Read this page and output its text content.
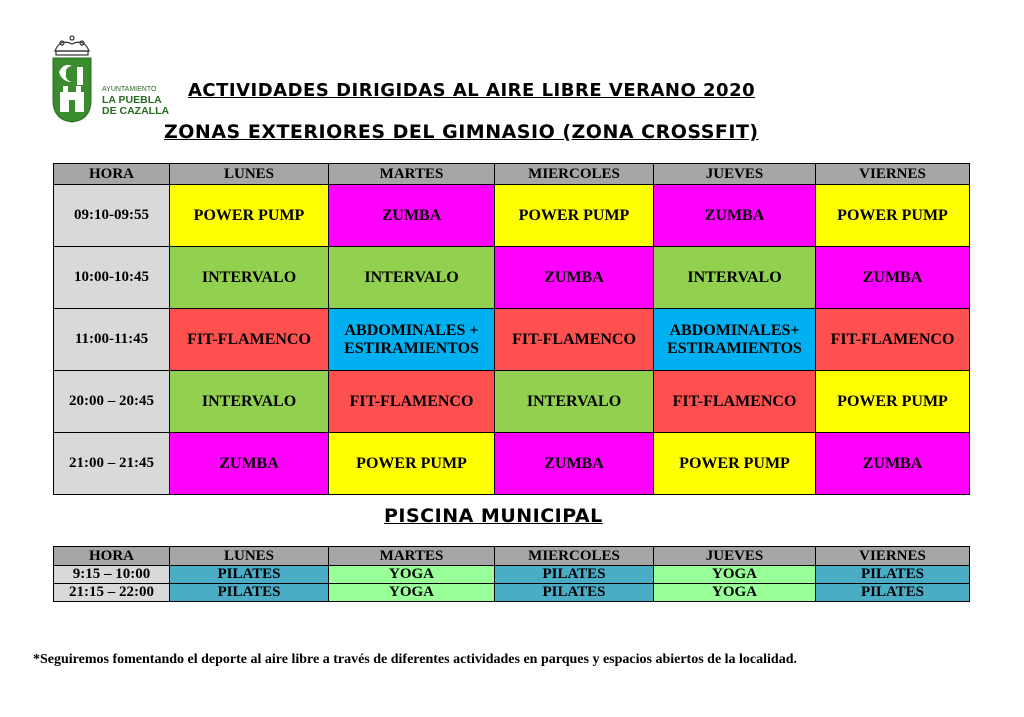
AYUNTAMIENTO
LA PUEBLA
DE CAZALLA
ACTIVIDADES DIRIGIDAS AL AIRE LIBRE VERANO 2020
ZONAS EXTERIORES DEL GIMNASIO (ZONA CROSSFIT)
HORA	LUNES	MARTES	MIERCOLES	JUEVES	VIERNES
09:10-09:55	POWER PUMP	ZUMBA	POWER PUMP	ZUMBA	POWER PUMP
10:00-10:45	INTERVALO	INTERVALO	ZUMBA	INTERVALO	ZUMBA
11:00-11:45	FIT-FLAMENCO	ABDOMINALES + ESTIRAMIENTOS	FIT-FLAMENCO	ABDOMINALES+ ESTIRAMIENTOS	FIT-FLAMENCO
20:00 – 20:45	INTERVALO	FIT-FLAMENCO	INTERVALO	FIT-FLAMENCO	POWER PUMP
21:00 – 21:45	ZUMBA	POWER PUMP	ZUMBA	POWER PUMP	ZUMBA
PISCINA MUNICIPAL
HORA	LUNES	MARTES	MIERCOLES	JUEVES	VIERNES
9:15 – 10:00	PILATES	YOGA	PILATES	YOGA	PILATES
21:15 – 22:00	PILATES	YOGA	PILATES	YOGA	PILATES
*Seguiremos fomentando el deporte al aire libre a través de diferentes actividades en parques y espacios abiertos de la localidad.
